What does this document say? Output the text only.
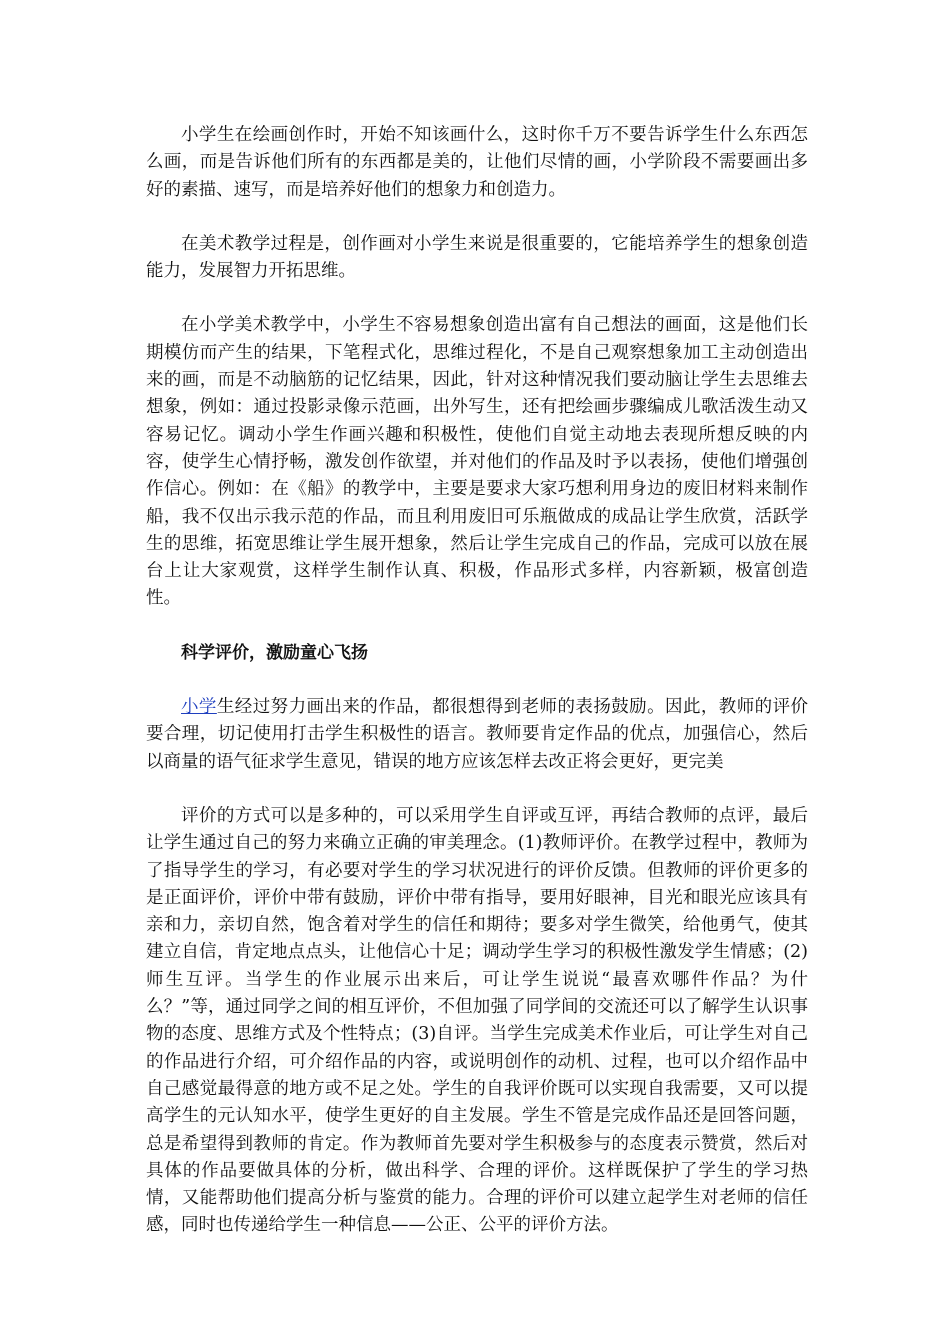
小学生在绘画创作时，开始不知该画什么，这时你千万不要告诉学生什么东西怎么画，而是告诉他们所有的东西都是美的，让他们尽情的画，小学阶段不需要画出多好的素描、速写，而是培养好他们的想象力和创造力。

在美术教学过程是，创作画对小学生来说是很重要的，它能培养学生的想象创造能力，发展智力开拓思维。

在小学美术教学中，小学生不容易想象创造出富有自己想法的画面，这是他们长期模仿而产生的结果，下笔程式化，思维过程化，不是自己观察想象加工主动创造出来的画，而是不动脑筋的记忆结果，因此，针对这种情况我们要动脑让学生去思维去想象，例如：通过投影录像示范画，出外写生，还有把绘画步骤编成儿歌活泼生动又容易记忆。调动小学生作画兴趣和积极性，使他们自觉主动地去表现所想反映的内容，使学生心情抒畅，激发创作欲望，并对他们的作品及时予以表扬，使他们增强创作信心。例如：在《船》的教学中，主要是要求大家巧想利用身边的废旧材料来制作船，我不仅出示我示范的作品，而且利用废旧可乐瓶做成的成品让学生欣赏，活跃学生的思维，拓宽思维让学生展开想象，然后让学生完成自己的作品，完成可以放在展台上让大家观赏，这样学生制作认真、积极，作品形式多样，内容新颖，极富创造性。

科学评价，激励童心飞扬

小学生经过努力画出来的作品，都很想得到老师的表扬鼓励。因此，教师的评价要合理，切记使用打击学生积极性的语言。教师要肯定作品的优点，加强信心，然后以商量的语气征求学生意见，错误的地方应该怎样去改正将会更好，更完美

评价的方式可以是多种的，可以采用学生自评或互评，再结合教师的点评，最后让学生通过自己的努力来确立正确的审美理念。(1)教师评价。在教学过程中，教师为了指导学生的学习，有必要对学生的学习状况进行的评价反馈。但教师的评价更多的是正面评价，评价中带有鼓励，评价中带有指导，要用好眼神，目光和眼光应该具有亲和力，亲切自然，饱含着对学生的信任和期待；要多对学生微笑，给他勇气，使其建立自信，肯定地点点头，让他信心十足；调动学生学习的积极性激发学生情感；(2)师生互评。当学生的作业展示出来后，可让学生说说“最喜欢哪件作品？为什么？”等，通过同学之间的相互评价，不但加强了同学间的交流还可以了解学生认识事物的态度、思维方式及个性特点；(3)自评。当学生完成美术作业后，可让学生对自己的作品进行介绍，可介绍作品的内容，或说明创作的动机、过程，也可以介绍作品中自己感觉最得意的地方或不足之处。学生的自我评价既可以实现自我需要，又可以提高学生的元认知水平，使学生更好的自主发展。学生不管是完成作品还是回答问题，总是希望得到教师的肯定。作为教师首先要对学生积极参与的态度表示赞赏，然后对具体的作品要做具体的分析，做出科学、合理的评价。这样既保护了学生的学习热情，又能帮助他们提高分析与鉴赏的能力。合理的评价可以建立起学生对老师的信任感，同时也传递给学生一种信息——公正、公平的评价方法。
